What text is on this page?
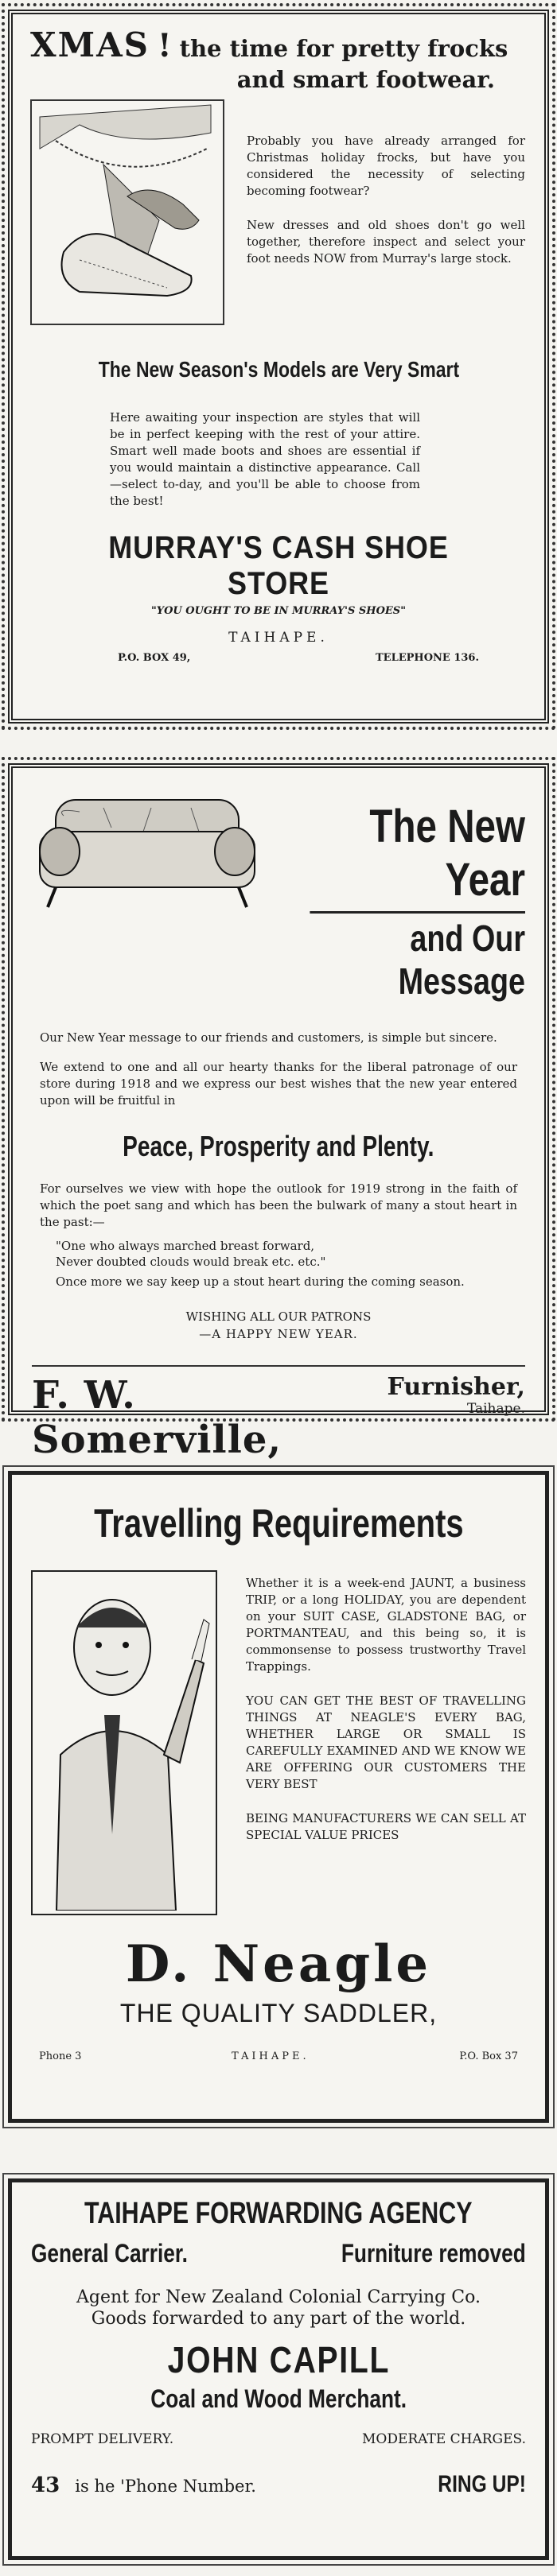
XMAS ! the time for pretty frocks
and smart footwear.

Probably you have already arranged for Christmas holiday frocks, but have you considered the necessity of selecting becoming footwear?

New dresses and old shoes don't go well together, therefore inspect and select your foot needs NOW from Murray's large stock.

The New Season's Models are Very Smart

Here awaiting your inspection are styles that will be in perfect keeping with the rest of your attire. Smart well made boots and shoes are essential if you would maintain a distinctive appearance. Call—select to-day, and you'll be able to choose from the best!

MURRAY'S CASH SHOE STORE
"YOU OUGHT TO BE IN MURRAY'S SHOES"
TAIHAPE.
P.O. BOX 49,	TELEPHONE 136.
The New Year and Our Message

Our New Year message to our friends and customers, is simple but sincere.

We extend to one and all our hearty thanks for the liberal patronage of our store during 1918 and we express our best wishes that the new year entered upon will be fruitful in

Peace, Prosperity and Plenty.

For ourselves we view with hope the outlook for 1919 strong in the faith of which the poet sang and which has been the bulwark of many a stout heart in the past:—

"One who always marched breast forward,
Never doubted clouds would break etc. etc."

Once more we say keep up a stout heart during the coming season.

WISHING ALL OUR PATRONS
—A HAPPY NEW YEAR.
F. W. Somerville,
Furnisher,
Taihape.
Travelling Requirements

Whether it is a week-end JAUNT, a business TRIP, or a long HOLIDAY, you are dependent on your SUIT CASE, GLADSTONE BAG, or PORTMANTEAU, and this being so, it is commonsense to possess trustworthy Travel Trappings.

YOU CAN GET THE BEST OF TRAVELLING THINGS AT NEAGLE'S EVERY BAG, WHETHER LARGE OR SMALL IS CAREFULLY EXAMINED AND WE KNOW WE ARE OFFERING OUR CUSTOMERS THE VERY BEST

BEING MANUFACTURERS WE CAN SELL AT SPECIAL VALUE PRICES

D. Neagle
THE QUALITY SADDLER,
Phone 3	TAIHAPE.	P.O. Box 37
TAIHAPE FORWARDING AGENCY
General Carrier.	Furniture removed
Agent for New Zealand Colonial Carrying Co.
Goods forwarded to any part of the world.
JOHN CAPILL
Coal and Wood Merchant.
PROMPT DELIVERY.	MODERATE CHARGES.
43 is he 'Phone Number.	RING UP!
